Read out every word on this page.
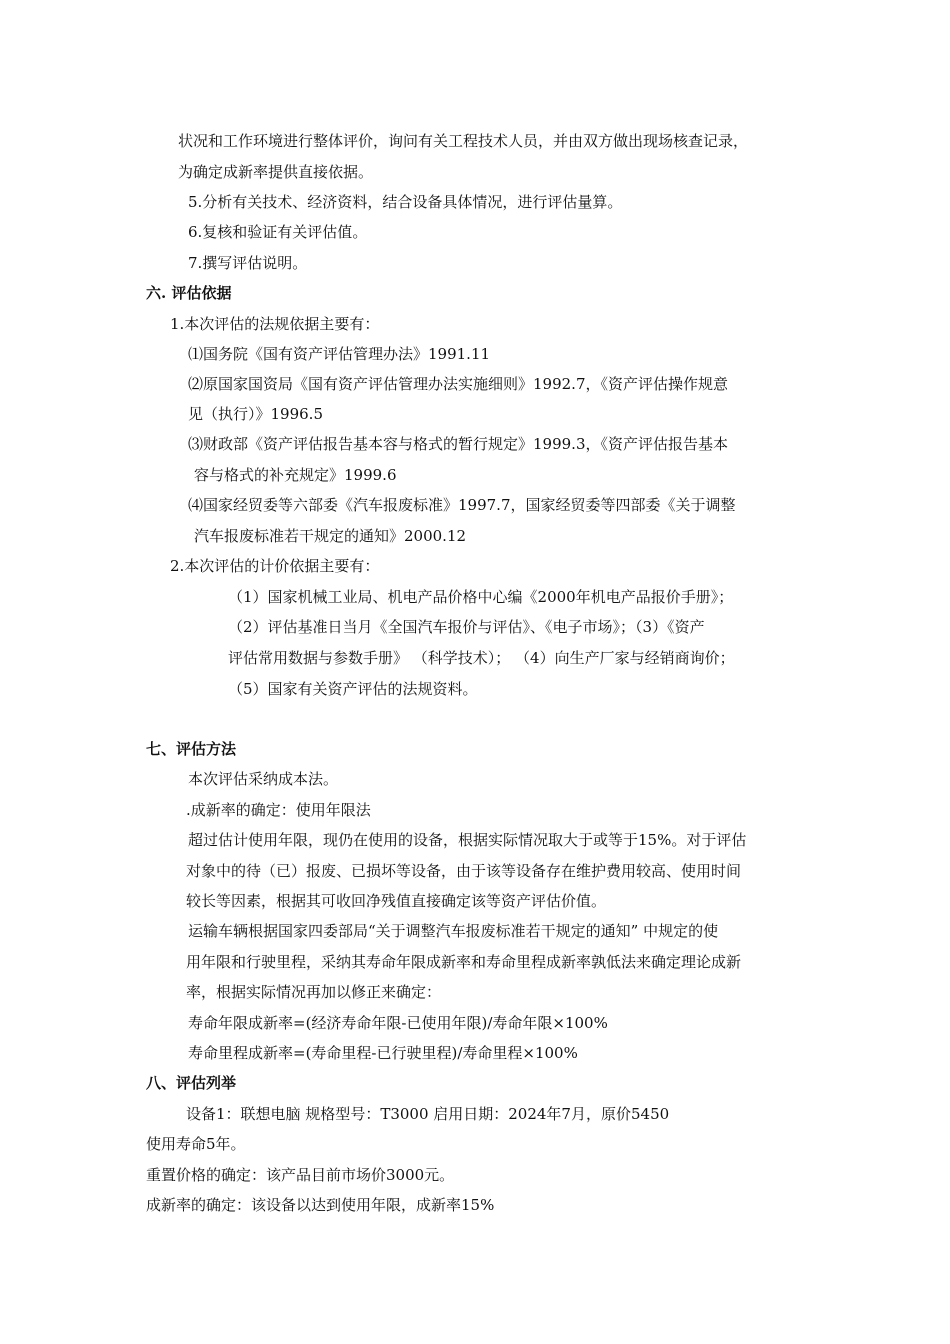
状况和工作环境进行整体评价，询问有关工程技术人员，并由双方做出现场核查记录，
为确定成新率提供直接依据。
5.分析有关技术、经济资料，结合设备具体情况，进行评估量算。
6.复核和验证有关评估值。
7.撰写评估说明。
六. 评估依据
1.本次评估的法规依据主要有：
⑴国务院《国有资产评估管理办法》1991.11
⑵原国家国资局《国有资产评估管理办法实施细则》1992.7，《资产评估操作规意
见（执行）》1996.5
⑶财政部《资产评估报告基本容与格式的暂行规定》1999.3，《资产评估报告基本
容与格式的补充规定》1999.6
⑷国家经贸委等六部委《汽车报废标准》1997.7，国家经贸委等四部委《关于调整
汽车报废标准若干规定的通知》2000.12
2.本次评估的计价依据主要有：
（1）国家机械工业局、机电产品价格中心编《2000年机电产品报价手册》；
（2）评估基准日当月《全国汽车报价与评估》、《电子市场》；（3）《资产
评估常用数据与参数手册》 （科学技术）； （4）向生产厂家与经销商询价；
（5）国家有关资产评估的法规资料。
七、评估方法
本次评估采纳成本法。
.成新率的确定：使用年限法
超过估计使用年限，现仍在使用的设备，根据实际情况取大于或等于15%。对于评估
对象中的待（已）报废、已损坏等设备，由于该等设备存在维护费用较高、使用时间
较长等因素，根据其可收回净残值直接确定该等资产评估价值。
运输车辆根据国家四委部局“关于调整汽车报废标准若干规定的通知” 中规定的使
用年限和行驶里程，采纳其寿命年限成新率和寿命里程成新率孰低法来确定理论成新
率，根据实际情况再加以修正来确定：
寿命年限成新率=(经济寿命年限-已使用年限)/寿命年限×100%
寿命里程成新率=(寿命里程-已行驶里程)/寿命里程×100%
八、评估列举
设备1：联想电脑 规格型号：T3000 启用日期：2024年7月，原价5450
使用寿命5年。
重置价格的确定：该产品目前市场价3000元。
成新率的确定：该设备以达到使用年限，成新率15%
